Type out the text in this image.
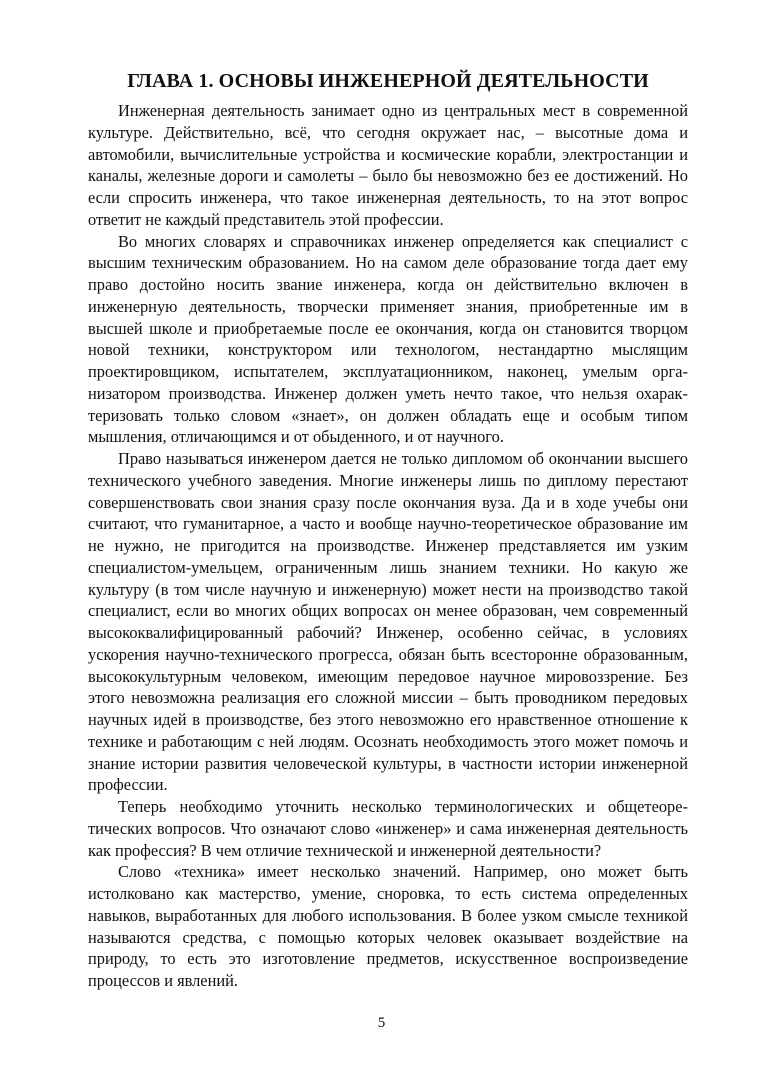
ГЛАВА 1. ОСНОВЫ ИНЖЕНЕРНОЙ ДЕЯТЕЛЬНОСТИ

Инженерная деятельность занимает одно из центральных мест в современной культуре. Действительно, всё, что сегодня окружает нас, – высотные дома и автомобили, вычислительные устройства и космические корабли, электростанции и каналы, железные дороги и самолеты – было бы невозможно без ее достижений. Но если спросить инженера, что такое инженерная деятельность, то на этот вопрос ответит не каждый представитель этой профессии.

Во многих словарях и справочниках инженер определяется как специалист с высшим техническим образованием. Но на самом деле образование тогда дает ему право достойно носить звание инженера, когда он действительно включен в инженерную деятельность, творчески применяет знания, приобретенные им в высшей школе и приобретаемые после ее окончания, когда он становится творцом новой техники, конструктором или технологом, нестандартно мыслящим проектировщиком, испытателем, эксплуатационником, наконец, умелым организатором производства. Инженер должен уметь нечто такое, что нельзя охарактеризовать только словом «знает», он должен обладать еще и особым типом мышления, отличающимся и от обыденного, и от научного.

Право называться инженером дается не только дипломом об окончании высшего технического учебного заведения. Многие инженеры лишь по диплому перестают совершенствовать свои знания сразу после окончания вуза. Да и в ходе учебы они считают, что гуманитарное, а часто и вообще научно-теоретическое образование им не нужно, не пригодится на производстве. Инженер представляется им узким специалистом-умельцем, ограниченным лишь знанием техники. Но какую же культуру (в том числе научную и инженерную) может нести на производство такой специалист, если во многих общих вопросах он менее образован, чем современный высококвалифицированный рабочий? Инженер, особенно сейчас, в условиях ускорения научно-технического прогресса, обязан быть всесторонне образованным, высококультурным человеком, имеющим передовое научное мировоззрение. Без этого невозможна реализация его сложной миссии – быть проводником передовых научных идей в производстве, без этого невозможно его нравственное отношение к технике и работающим с ней людям. Осознать необходимость этого может помочь и знание истории развития человеческой культуры, в частности истории инженерной профессии.

Теперь необходимо уточнить несколько терминологических и общетеоретических вопросов. Что означают слово «инженер» и сама инженерная деятельность как профессия? В чем отличие технической и инженерной деятельности?

Слово «техника» имеет несколько значений. Например, оно может быть истолковано как мастерство, умение, сноровка, то есть система определенных навыков, выработанных для любого использования. В более узком смысле техникой называются средства, с помощью которых человек оказывает воздействие на природу, то есть это изготовление предметов, искусственное воспроизведение процессов и явлений.

5
